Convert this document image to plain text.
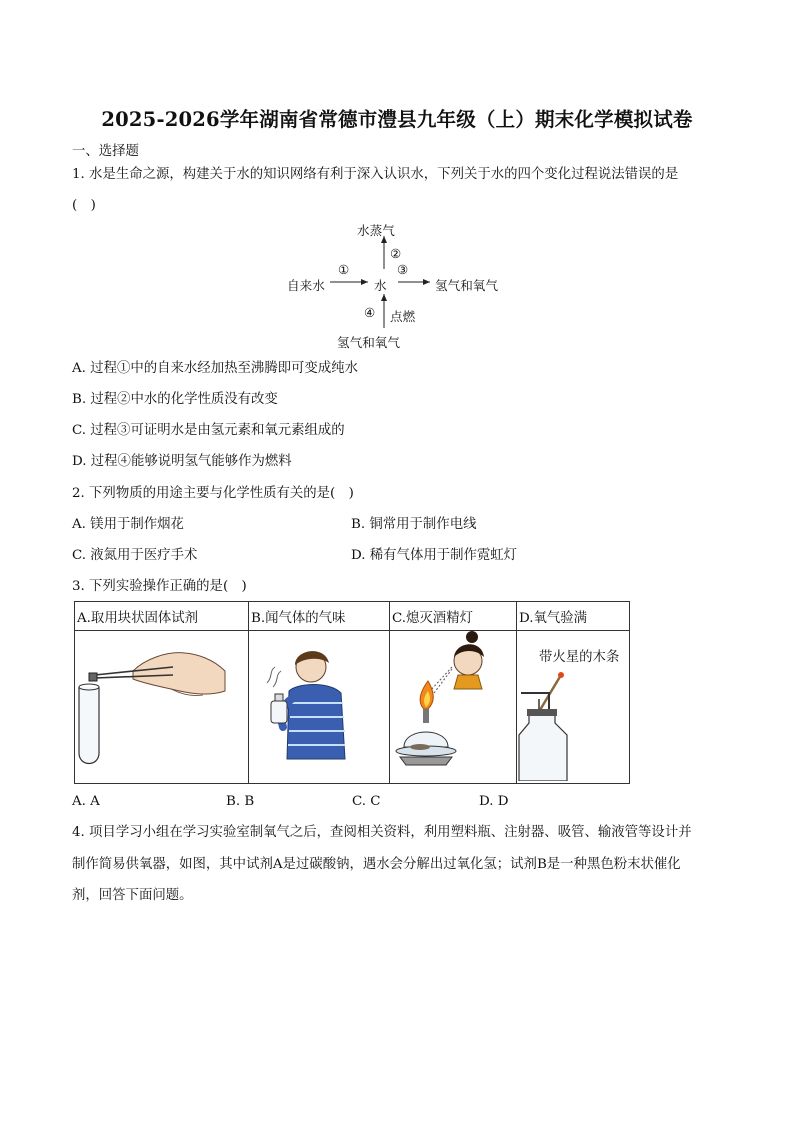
2025-2026学年湖南省常德市澧县九年级（上）期末化学模拟试卷
一、选择题
1. 水是生命之源，构建关于水的知识网络有利于深入认识水，下列关于水的四个变化过程说法错误的是
(　)
水蒸气
自来水	水	氢气和氧气
氢气和氧气
①
②
③
④ 点燃
A. 过程①中的自来水经加热至沸腾即可变成纯水
B. 过程②中水的化学性质没有改变
C. 过程③可证明水是由氢元素和氧元素组成的
D. 过程④能够说明氢气能够作为燃料
2. 下列物质的用途主要与化学性质有关的是(　)
A. 镁用于制作烟花	B. 铜常用于制作电线
C. 液氮用于医疗手术	D. 稀有气体用于制作霓虹灯
3. 下列实验操作正确的是(　)
A.取用块状固体试剂	B.闻气体的气味	C.熄灭酒精灯	D.氧气验满

带火星的木条
A. A	B. B	C. C	D. D
4. 项目学习小组在学习实验室制氧气之后，查阅相关资料，利用塑料瓶、注射器、吸管、输液管等设计并
制作简易供氧器，如图，其中试剂A是过碳酸钠，遇水会分解出过氧化氢；试剂B是一种黑色粉末状催化
剂，回答下面问题。
